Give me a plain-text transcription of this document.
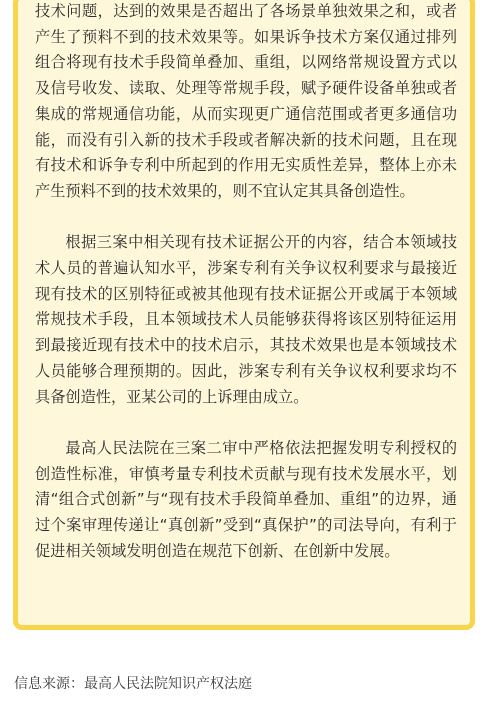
技术问题，达到的效果是否超出了各场景单独效果之和，或者产生了预料不到的技术效果等。如果诉争技术方案仅通过排列组合将现有技术手段简单叠加、重组，以网络常规设置方式以及信号收发、读取、处理等常规手段，赋予硬件设备单独或者集成的常规通信功能，从而实现更广通信范围或者更多通信功能，而没有引入新的技术手段或者解决新的技术问题，且在现有技术和诉争专利中所起到的作用无实质性差异，整体上亦未产生预料不到的技术效果的，则不宜认定其具备创造性。

根据三案中相关现有技术证据公开的内容，结合本领域技术人员的普遍认知水平，涉案专利有关争议权利要求与最接近现有技术的区别特征或被其他现有技术证据公开或属于本领域常规技术手段，且本领域技术人员能够获得将该区别特征运用到最接近现有技术中的技术启示，其技术效果也是本领域技术人员能够合理预期的。因此，涉案专利有关争议权利要求均不具备创造性，亚某公司的上诉理由成立。

最高人民法院在三案二审中严格依法把握发明专利授权的创造性标准，审慎考量专利技术贡献与现有技术发展水平，划清“组合式创新”与“现有技术手段简单叠加、重组”的边界，通过个案审理传递让“真创新”受到“真保护”的司法导向，有利于促进相关领域发明创造在规范下创新、在创新中发展。

信息来源：最高人民法院知识产权法庭
